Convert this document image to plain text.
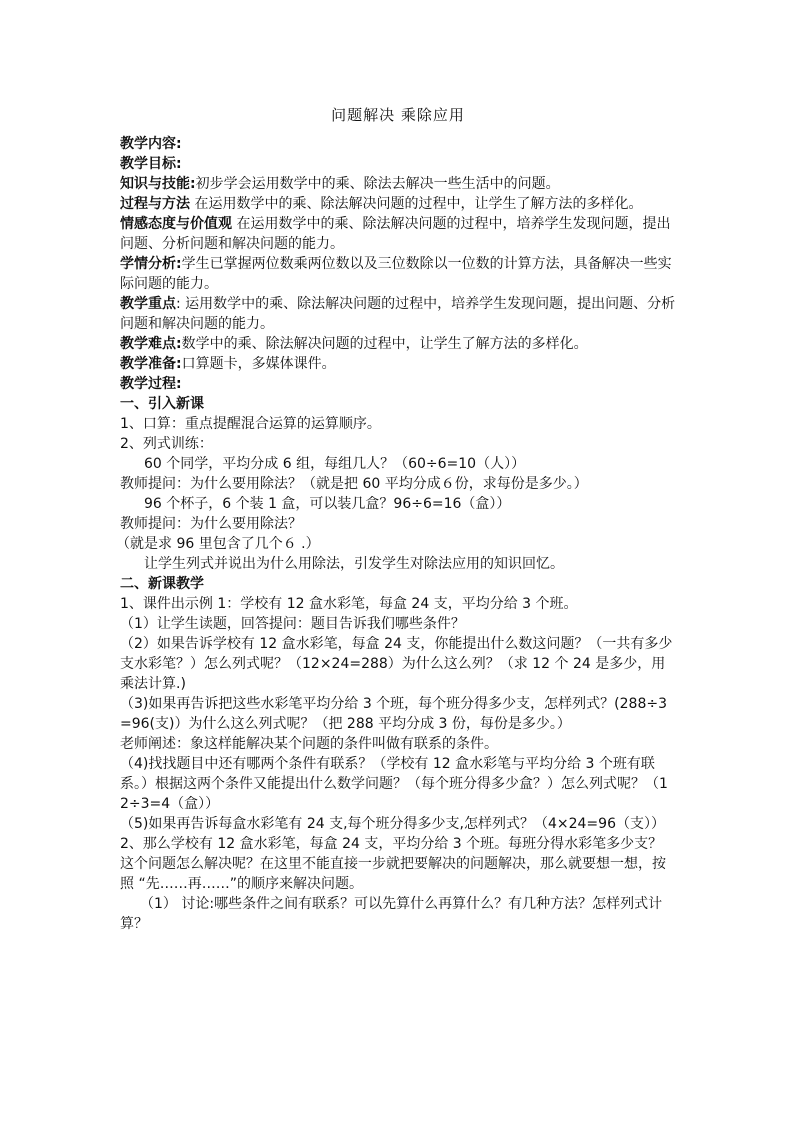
问题解决 乘除应用

教学内容:

教学目标:

知识与技能:初步学会运用数学中的乘、除法去解决一些生活中的问题。

过程与方法 在运用数学中的乘、除法解决问题的过程中，让学生了解方法的多样化。

情感态度与价值观 在运用数学中的乘、除法解决问题的过程中，培养学生发现问题，提出问题、分析问题和解决问题的能力。

学情分析:学生已掌握两位数乘两位数以及三位数除以一位数的计算方法，具备解决一些实际问题的能力。

教学重点: 运用数学中的乘、除法解决问题的过程中，培养学生发现问题，提出问题、分析问题和解决问题的能力。

教学难点:数学中的乘、除法解决问题的过程中，让学生了解方法的多样化。

教学准备:口算题卡，多媒体课件。

教学过程:

一、引入新课

1、口算：重点提醒混合运算的运算顺序。

2、列式训练：

60 个同学，平均分成 6 组，每组几人？（60÷6=10（人））

教师提问：为什么要用除法？（就是把 60 平均分成６份，求每份是多少。）

96 个杯子，6 个装 1 盒，可以装几盒？96÷6=16（盒））

教师提问：为什么要用除法？

（就是求 96 里包含了几个６ .）

让学生列式并说出为什么用除法，引发学生对除法应用的知识回忆。

二、新课教学

1、课件出示例 1：学校有 12 盒水彩笔，每盒 24 支，平均分给 3 个班。

（1）让学生读题，回答提问：题目告诉我们哪些条件？

（2）如果告诉学校有 12 盒水彩笔，每盒 24 支，你能提出什么数这问题？（一共有多少支水彩笔？）怎么列式呢？（12×24=288）为什么这么列？（求 12 个 24 是多少，用乘法计算.)

（3)如果再告诉把这些水彩笔平均分给 3 个班，每个班分得多少支，怎样列式？(288÷3=96(支)）为什么这么列式呢？（把 288 平均分成 3 份，每份是多少。）

老师阐述：象这样能解决某个问题的条件叫做有联系的条件。

（4)找找题目中还有哪两个条件有联系？（学校有 12 盒水彩笔与平均分给 3 个班有联系。）根据这两个条件又能提出什么数学问题？（每个班分得多少盒？）怎么列式呢？（12÷3=4（盒））

（5)如果再告诉每盒水彩笔有 24 支,每个班分得多少支,怎样列式？（4×24=96（支））

2、那么学校有 12 盒水彩笔，每盒 24 支，平均分给 3 个班。每班分得水彩笔多少支？这个问题怎么解决呢？在这里不能直接一步就把要解决的问题解决，那么就要想一想，按照 “先……再……”的顺序来解决问题。

（1） 讨论:哪些条件之间有联系？可以先算什么再算什么？有几种方法？怎样列式计算？
